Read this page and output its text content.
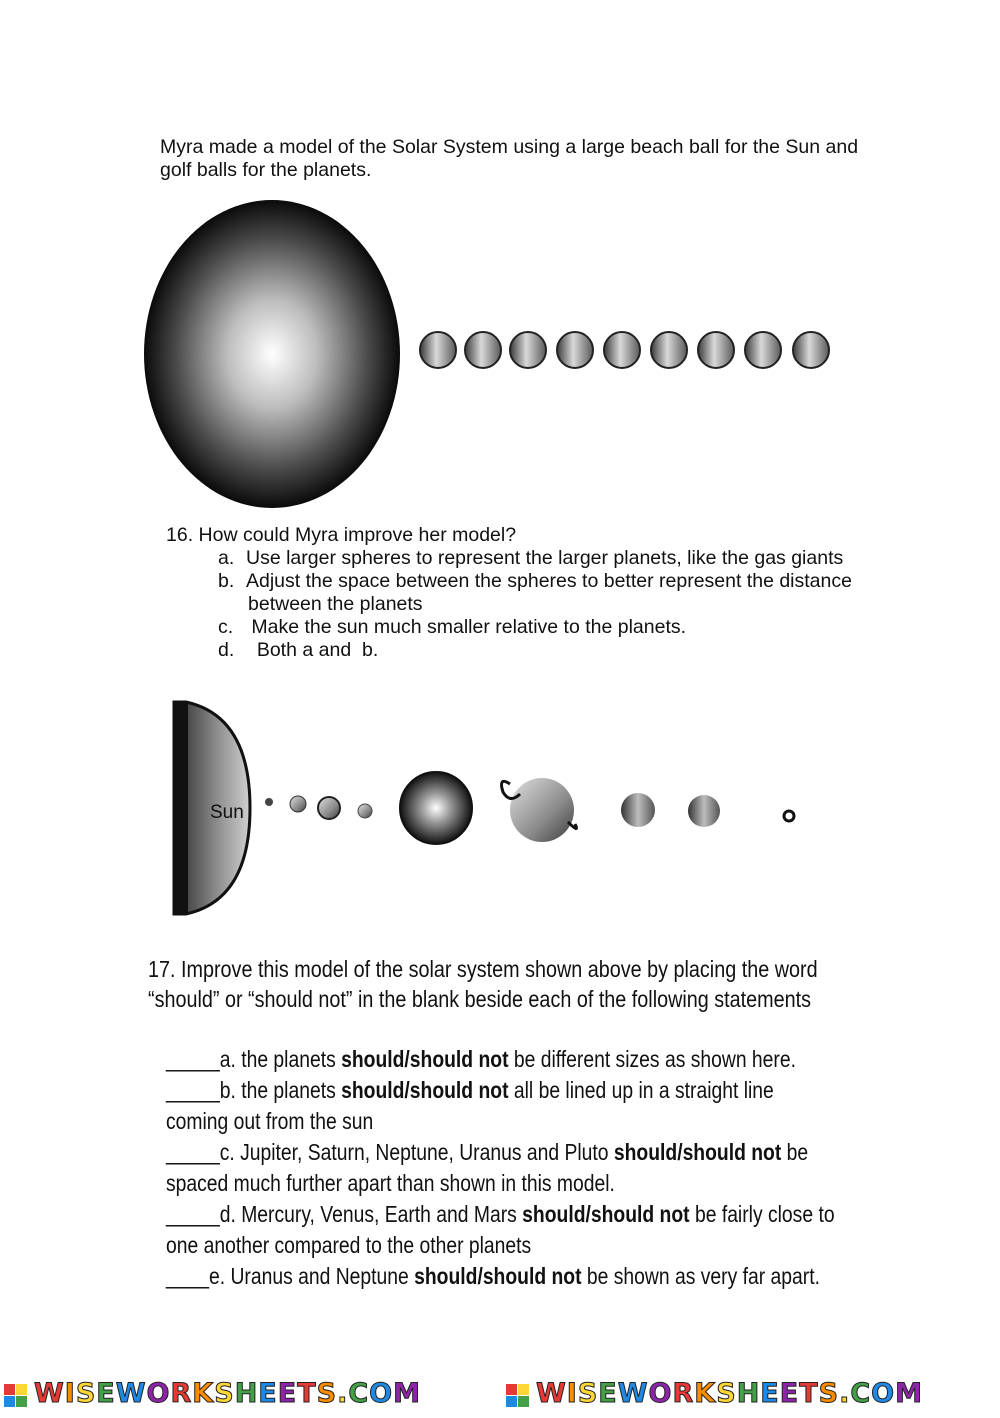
Myra made a model of the Solar System using a large beach ball for the Sun and
golf balls for the planets.
16. How could Myra improve her model?
a. Use larger spheres to represent the larger planets, like the gas giants
b. Adjust the space between the spheres to better represent the distance
between the planets
c. Make the sun much smaller relative to the planets.
d.  Both a and  b.
Sun
17. Improve this model of the solar system shown above by placing the word
“should” or “should not” in the blank beside each of the following statements
_____a. the planets should/should not be different sizes as shown here.
_____b. the planets should/should not all be lined up in a straight line
coming out from the sun
_____c. Jupiter, Saturn, Neptune, Uranus and Pluto should/should not be
spaced much further apart than shown in this model.
_____d. Mercury, Venus, Earth and Mars should/should not be fairly close to
one another compared to the other planets
____e. Uranus and Neptune should/should not be shown as very far apart.
WISEWORKSHEETS.COM	WISEWORKSHEETS.COM
